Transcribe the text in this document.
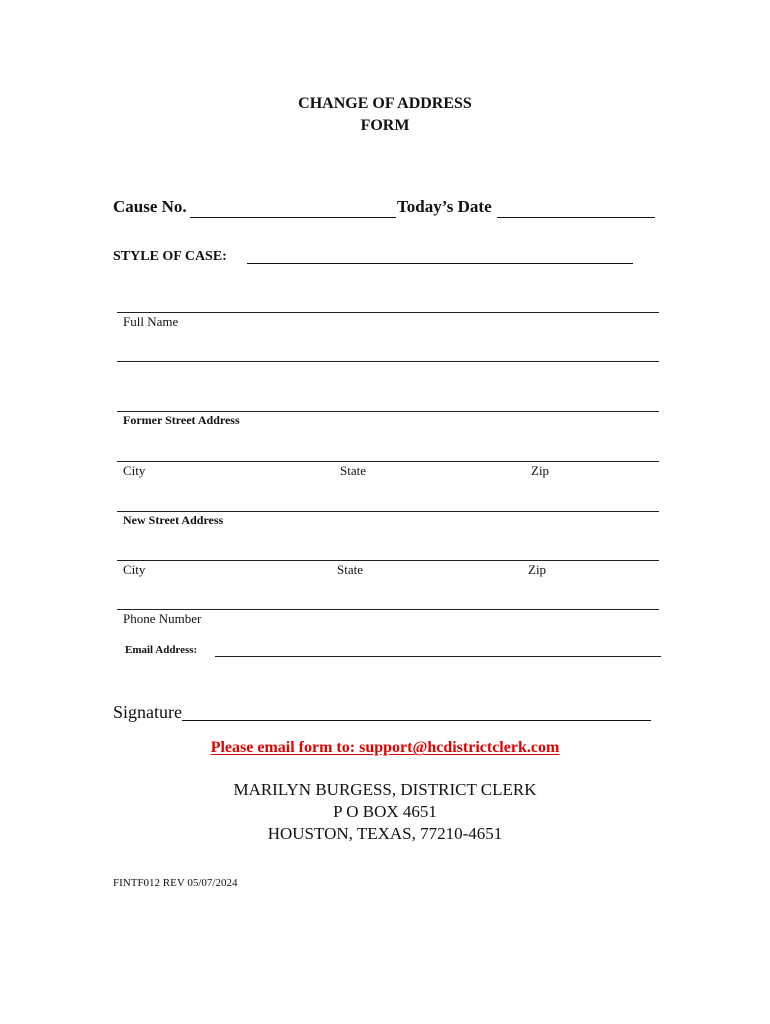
CHANGE OF ADDRESS
FORM
Cause No.	Today’s Date
STYLE OF CASE:
Full Name
Former Street Address
City	State	Zip
New Street Address
City	State	Zip
Phone Number
Email Address:
Signature
Please email form to: support@hcdistrictclerk.com
MARILYN BURGESS, DISTRICT CLERK
P O BOX 4651
HOUSTON, TEXAS, 77210-4651
FINTF012 REV 05/07/2024
